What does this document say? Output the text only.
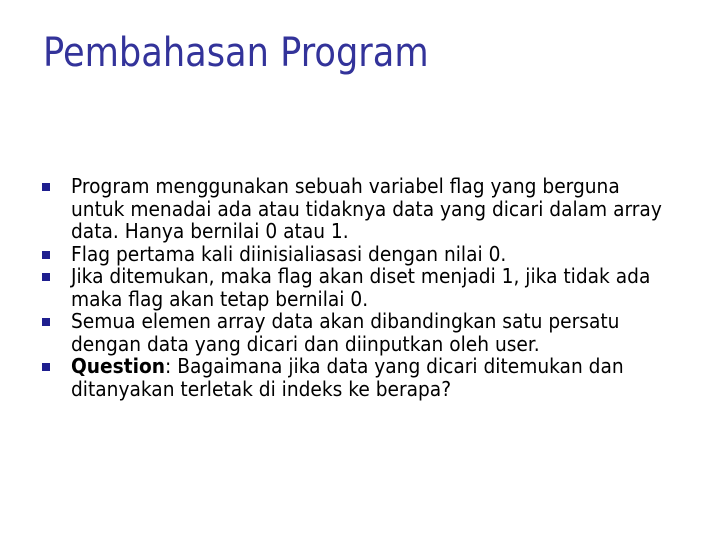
Pembahasan Program
Program menggunakan sebuah variabel flag yang berguna untuk menadai ada atau tidaknya data yang dicari dalam array data. Hanya bernilai 0 atau 1.
Flag pertama kali diinisialiasasi dengan nilai 0.
Jika ditemukan, maka flag akan diset menjadi 1, jika tidak ada maka flag akan tetap bernilai 0.
Semua elemen array data akan dibandingkan satu persatu dengan data yang dicari dan diinputkan oleh user.
Question: Bagaimana jika data yang dicari ditemukan dan ditanyakan terletak di indeks ke berapa?
